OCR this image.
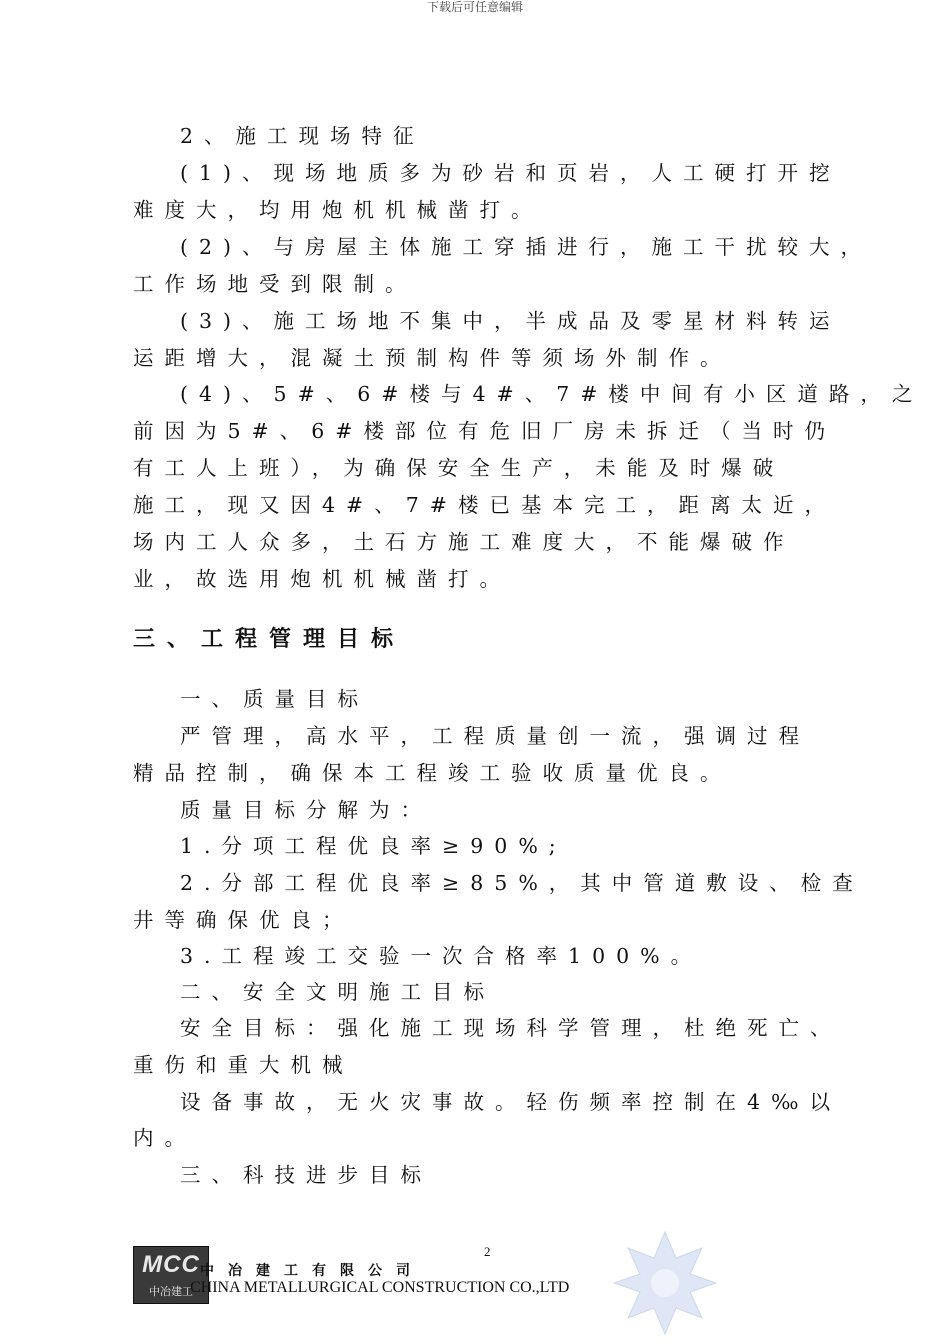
下载后可任意编辑
2、施工现场特征
(1)、现场地质多为砂岩和页岩，人工硬打开挖
难度大，均用炮机机械凿打。
(2)、与房屋主体施工穿插进行，施工干扰较大，
工作场地受到限制。
(3)、施工场地不集中，半成品及零星材料转运
运距增大，混凝土预制构件等须场外制作。
(4)、5#、6#楼与4#、7#楼中间有小区道路，之
前因为5#、6#楼部位有危旧厂房未拆迁（当时仍
有工人上班），为确保安全生产，未能及时爆破
施工，现又因4#、7#楼已基本完工，距离太近，
场内工人众多，土石方施工难度大，不能爆破作
业，故选用炮机机械凿打。
三、工程管理目标
一、质量目标
严管理，高水平，工程质量创一流，强调过程
精品控制，确保本工程竣工验收质量优良。
质量目标分解为：
1.分项工程优良率≥90%;
2.分部工程优良率≥85%，其中管道敷设、检查
井等确保优良；
3.工程竣工交验一次合格率100%。
二、安全文明施工目标
安全目标：强化施工现场科学管理，杜绝死亡、
重伤和重大机械
设备事故，无火灾事故。轻伤频率控制在4‰以
内。
三、科技进步目标
2
MCC
中冶建工
中冶建工有限公司
CHINA METALLURGICAL CONSTRUCTION CO.,LTD
